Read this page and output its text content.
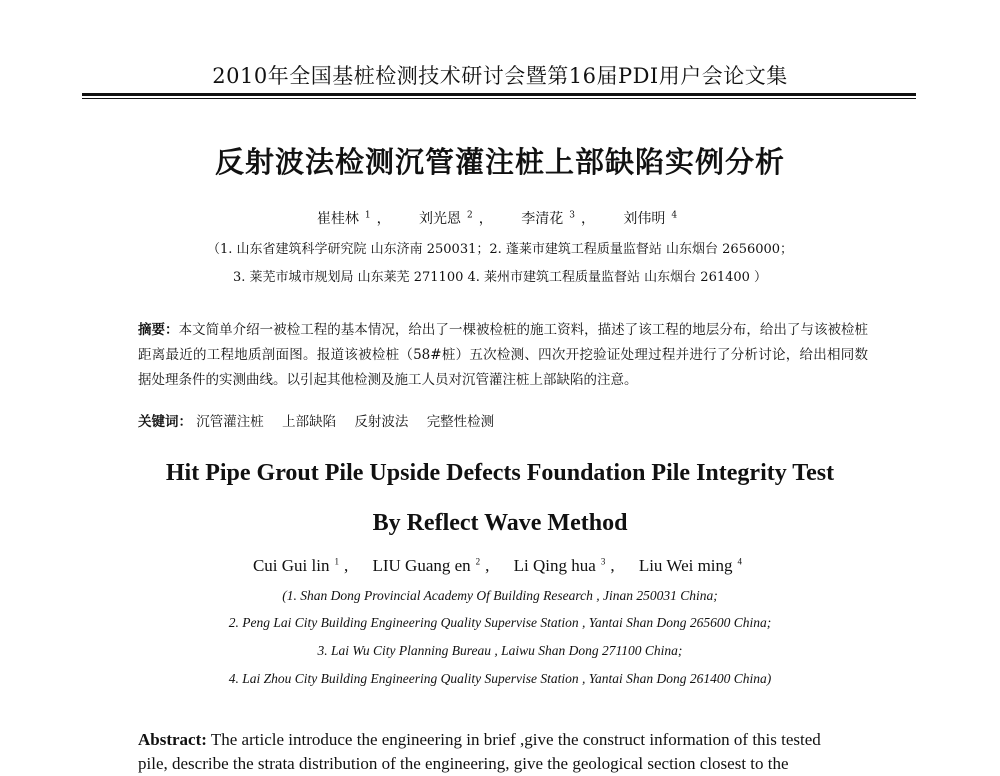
2010年全国基桩检测技术研讨会暨第16届PDI用户会论文集
反射波法检测沉管灌注桩上部缺陷实例分析
崔桂林 $^1$ ， 刘光恩 $^2$ ， 李清花 $^3$ ， 刘伟明 $^4$
（1. 山东省建筑科学研究院 山东济南 250031；2. 蓬莱市建筑工程质量监督站 山东烟台 2656000；
3. 莱芜市城市规划局 山东莱芜 271100 4. 莱州市建筑工程质量监督站 山东烟台 261400 ）
摘要：本文简单介绍一被检工程的基本情况，给出了一棵被检桩的施工资料，描述了该工程的地层分布，给出了与该被检桩距离最近的工程地质剖面图。报道该被检桩（58#桩）五次检测、四次开挖验证处理过程并进行了分析讨论，给出相同数据处理条件的实测曲线。以引起其他检测及施工人员对沉管灌注桩上部缺陷的注意。
关键词： 沉管灌注桩 上部缺陷 反射波法 完整性检测
Hit Pipe Grout Pile Upside Defects Foundation Pile Integrity Test
By Reflect Wave Method
Cui Gui lin $^1$ , LIU Guang en $^2$ , Li Qing hua $^3$ , Liu Wei ming $^4$
(1. Shan Dong Provincial Academy Of Building Research , Jinan 250031 China;
2. Peng Lai City Building Engineering Quality Supervise Station , Yantai Shan Dong 265600 China;
3. Lai Wu City Planning Bureau , Laiwu Shan Dong 271100 China;
4. Lai Zhou City Building Engineering Quality Supervise Station , Yantai Shan Dong 261400 China)
Abstract: The article introduce the engineering in brief ,give the construct information of this tested
pile, describe the strata distribution of the engineering, give the geological section closest to the
